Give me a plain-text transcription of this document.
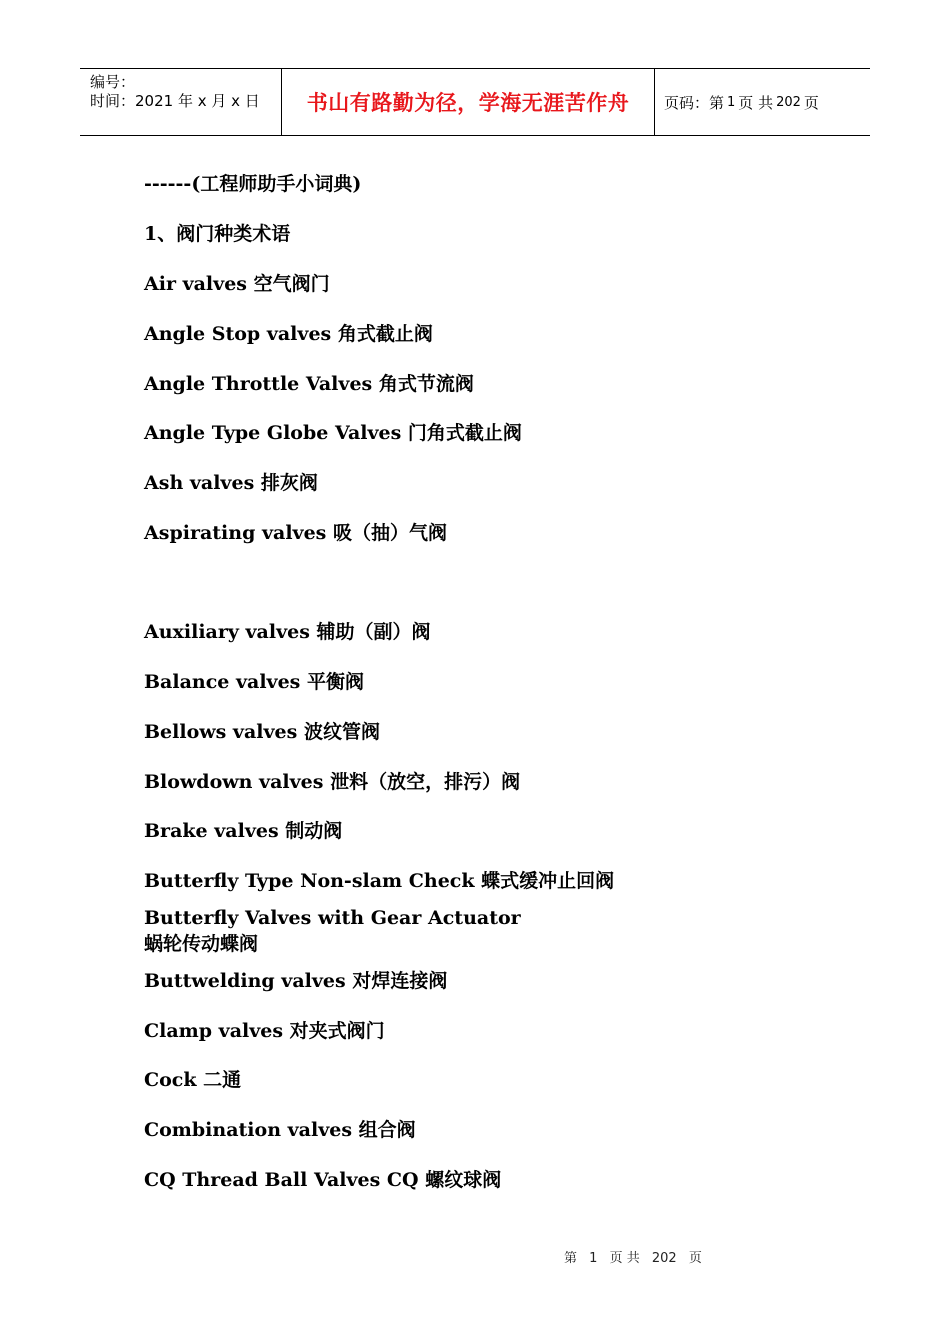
编号：
时间：2021 年 x 月 x 日	书山有路勤为径，学海无涯苦作舟	页码：第 1 页 共 202 页
------(工程师助手小词典)
1、阀门种类术语
Air valves 空气阀门
Angle Stop valves 角式截止阀
Angle Throttle Valves 角式节流阀
Angle Type Globe Valves 门角式截止阀
Ash valves 排灰阀
Aspirating valves 吸（抽）气阀
Auxiliary valves 辅助（副）阀
Balance valves 平衡阀
Bellows valves 波纹管阀
Blowdown valves 泄料（放空，排污）阀
Brake valves 制动阀
Butterfly Type Non-slam Check 蝶式缓冲止回阀
Butterfly Valves with Gear Actuator
蜗轮传动蝶阀
Buttwelding valves 对焊连接阀
Clamp valves 对夹式阀门
Cock 二通
Combination valves 组合阀
CQ Thread Ball Valves CQ 螺纹球阀
第 1 页 共 202 页
